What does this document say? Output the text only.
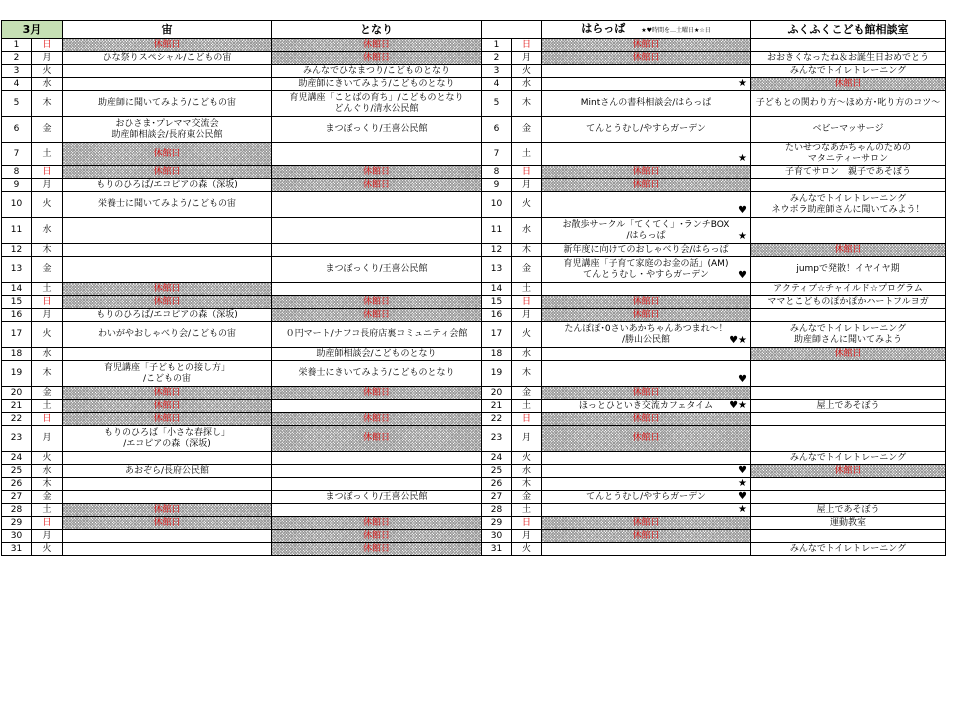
3月		宙	となり			はらっぱ ★♥時間を…土曜日★☆日	ふくふくこども館相談室
1	日	休館日	休館日	1	日	休館日	
2	月	ひな祭りスペシャル/こどもの宙	休館日	2	月	休館日	おおきくなったね＆お誕生日おめでとう
3	火		みんなでひなまつり/こどものとなり	3	火		みんなでトイレトレーニング
4	水		助産師にきいてみよう/こどものとなり	4	水	★	休館日
5	木	助産師に聞いてみよう/こどもの宙	育児講座「ことばの育ち」/こどものとなり
どんぐり/清水公民館	5	木	Mintさんの書科相談会/はらっぱ	子どもとの関わり方～ほめ方･叱り方のコツ～
6	金	おひさま･プレママ交流会
助産師相談会/長府東公民館	まつぼっくり/王喜公民館	6	金	てんとうむし/やすらガーデン	ベビーマッサージ
7	土	休館日		7	土	★	たいせつなあかちゃんのための
マタニティーサロン
8	日	休館日	休館日	8	日	休館日	子育てサロン　親子であそぼう
9	月	もりのひろば/エコピアの森（深坂)	休館日	9	月	休館日	
10	火	栄養士に聞いてみよう/こどもの宙		10	火	♥	みんなでトイレトレーニング
ネウボラ助産師さんに聞いてみよう！
11	水			11	水	お散歩サークル「てくてく」･ランチBOX
/はらっぱ ★	

12	木			12	木	新年度に向けてのおしゃべり会/はらっぱ	休館日
13	金		まつぼっくり/王喜公民館	13	金	育児講座「子育て家庭のお金の話」(AM)
てんとうむし・やすらガーデン ♥	jumpで発散！イヤイヤ期
14	土	休館日		14	土		アクティブ☆チャイルド☆プログラム
15	日	休館日	休館日	15	日	休館日	ママとこどものぽかぽかハートフルヨガ
16	月	もりのひろば/エコピアの森（深坂)	休館日	16	月	休館日	
17	火	わいがやおしゃべり会/こどもの宙	０円マート/ナフコ長府店裏コミュニティ会館	17	火	たんぽぽ･0さいあかちゃんあつまれ～！
/勝山公民館 ♥★	みんなでトイレトレーニング
助産師さんに聞いてみよう
18	水		助産師相談会/こどものとなり	18	水		休館日
19	木	育児講座「子どもとの接し方」
/こどもの宙	栄養士にきいてみよう/こどものとなり	19	木	♥	

20	金	休館日	休館日	20	金	休館日	
21	土	休館日		21	土	ほっとひといき交流カフェタイム ♥★	屋上であそぼう
22	日	休館日	休館日	22	日	休館日	
23	月	もりのひろば「小さな春探し」
/エコピアの森（深坂)	休館日	23	月	休館日	
24	火			24	火		みんなでトイレトレーニング
25	水	あおぞら/長府公民館		25	水	♥	休館日
26	木			26	木	★	

27	金		まつぼっくり/王喜公民館	27	金	てんとうむし/やすらガーデン ♥	

28	土	休館日		28	土	★	屋上であそぼう
29	日	休館日	休館日	29	日	休館日	運動教室
30	月		休館日	30	月	休館日	
31	火		休館日	31	火		みんなでトイレトレーニング
